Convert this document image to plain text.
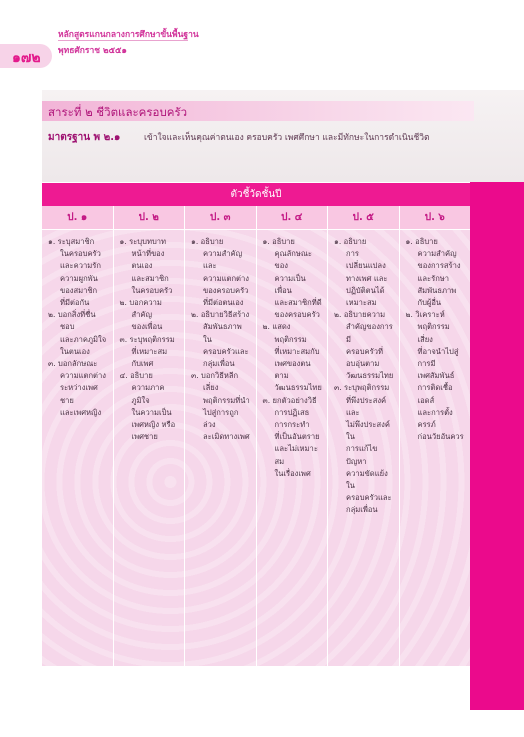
หลักสูตรแกนกลางการศึกษาขั้นพื้นฐาน
พุทธศักราช ๒๕๕๑
๑๗๒
สาระที่ ๒ ชีวิตและครอบครัว
มาตรฐาน พ ๒.๑	เข้าใจและเห็นคุณค่าตนเอง ครอบครัว เพศศึกษา และมีทักษะในการดำเนินชีวิต
ตัวชี้วัดชั้นปี
ป. ๑

๑. ระบุสมาชิก
ในครอบครัว
และความรัก
ความผูกพัน
ของสมาชิก
ที่มีต่อกัน

๒. บอกสิ่งที่ชื่นชอบ
และภาคภูมิใจ
ในตนเอง

๓. บอกลักษณะ
ความแตกต่าง
ระหว่างเพศชาย
และเพศหญิง

ป. ๒

๑. ระบุบทบาท
หน้าที่ของตนเอง
และสมาชิก
ในครอบครัว

๒. บอกความสำคัญ
ของเพื่อน

๓. ระบุพฤติกรรม
ที่เหมาะสม
กับเพศ

๔. อธิบาย
ความภาคภูมิใจ
ในความเป็น
เพศหญิง หรือ
เพศชาย

ป. ๓

๑. อธิบาย
ความสำคัญ และ
ความแตกต่าง
ของครอบครัว
ที่มีต่อตนเอง

๒. อธิบายวิธีสร้าง
สัมพันธภาพใน
ครอบครัวและ
กลุ่มเพื่อน

๓. บอกวิธีหลีกเลี่ยง
พฤติกรรมที่นำ
ไปสู่การถูกล่วง
ละเมิดทางเพศ

ป. ๔

๑. อธิบาย
คุณลักษณะของ
ความเป็นเพื่อน
และสมาชิกที่ดี
ของครอบครัว

๒. แสดงพฤติกรรม
ที่เหมาะสมกับ
เพศของตนตาม
วัฒนธรรมไทย

๓. ยกตัวอย่างวิธี
การปฏิเสธ
การกระทำ
ที่เป็นอันตราย
และไม่เหมาะสม
ในเรื่องเพศ

ป. ๕

๑. อธิบาย
การเปลี่ยนแปลง
ทางเพศ และ
ปฏิบัติตนได้
เหมาะสม

๒. อธิบายความ
สำคัญของการมี
ครอบครัวที่
อบอุ่นตาม
วัฒนธรรมไทย

๓. ระบุพฤติกรรม
ที่พึงประสงค์และ
ไม่พึงประสงค์ใน
การแก้ไขปัญหา
ความขัดแย้งใน
ครอบครัวและ
กลุ่มเพื่อน

ป. ๖

๑. อธิบาย
ความสำคัญ
ของการสร้าง
และรักษา
สัมพันธภาพ
กับผู้อื่น

๒. วิเคราะห์
พฤติกรรมเสี่ยง
ที่อาจนำไปสู่
การมี
เพศสัมพันธ์
การติดเชื้อเอดส์
และการตั้งครรภ์
ก่อนวัยอันควร
